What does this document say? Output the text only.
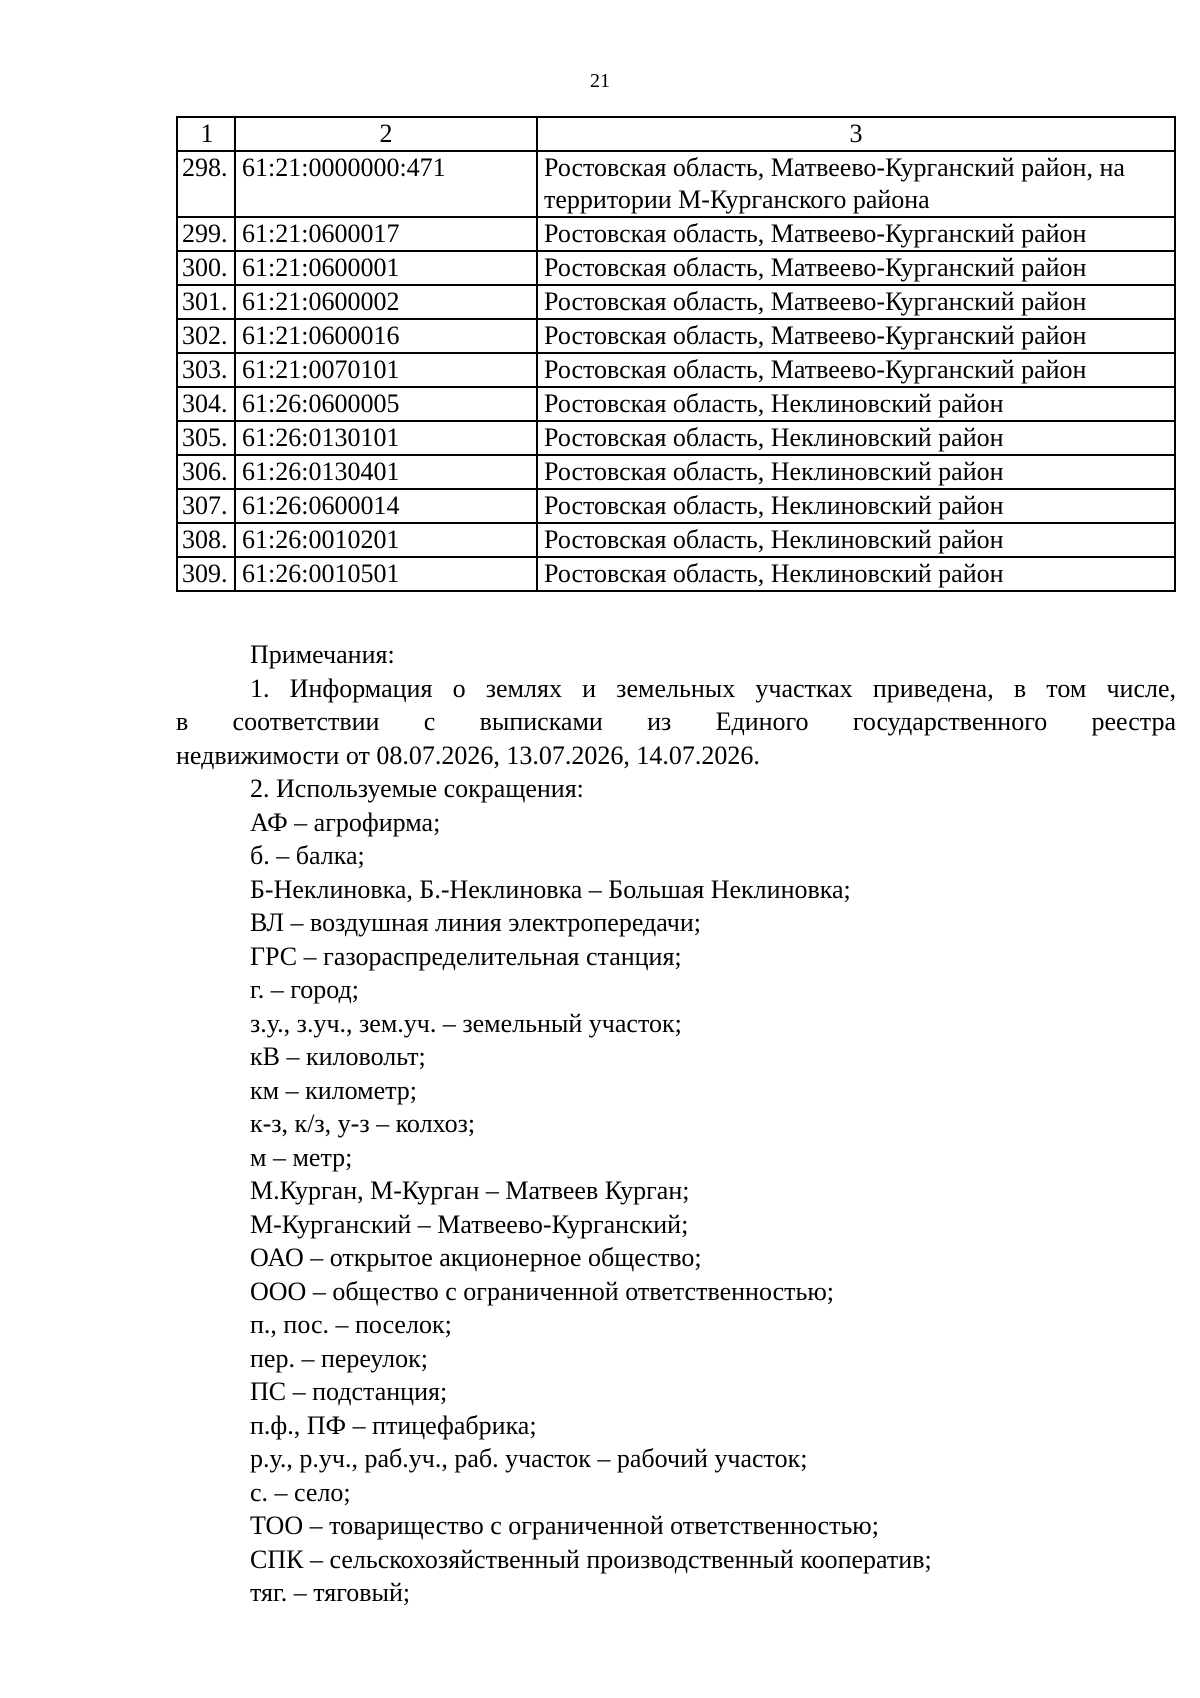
21
1	2	3
298.	61:21:0000000:471	Ростовская область, Матвеево-Курганский район, на территории М-Курганского района
299.	61:21:0600017	Ростовская область, Матвеево-Курганский район
300.	61:21:0600001	Ростовская область, Матвеево-Курганский район
301.	61:21:0600002	Ростовская область, Матвеево-Курганский район
302.	61:21:0600016	Ростовская область, Матвеево-Курганский район
303.	61:21:0070101	Ростовская область, Матвеево-Курганский район
304.	61:26:0600005	Ростовская область, Неклиновский район
305.	61:26:0130101	Ростовская область, Неклиновский район
306.	61:26:0130401	Ростовская область, Неклиновский район
307.	61:26:0600014	Ростовская область, Неклиновский район
308.	61:26:0010201	Ростовская область, Неклиновский район
309.	61:26:0010501	Ростовская область, Неклиновский район

Примечания:

1. Информация о землях и земельных участках приведена, в том числе,

в соответствии с выписками из Единого государственного реестра

недвижимости от 08.07.2026, 13.07.2026, 14.07.2026.

2. Используемые сокращения:

АФ – агрофирма;

б. – балка;

Б-Неклиновка, Б.-Неклиновка – Большая Неклиновка;

ВЛ – воздушная линия электропередачи;

ГРС – газораспределительная станция;

г. – город;

з.у., з.уч., зем.уч. – земельный участок;

кВ – киловольт;

км – километр;

к-з, к/з, у-з – колхоз;

м – метр;

М.Курган, М-Курган – Матвеев Курган;

М-Курганский – Матвеево-Курганский;

ОАО – открытое акционерное общество;

ООО – общество с ограниченной ответственностью;

п., пос. – поселок;

пер. – переулок;

ПС – подстанция;

п.ф., ПФ – птицефабрика;

р.у., р.уч., раб.уч., раб. участок – рабочий участок;

с. – село;

ТОО – товарищество с ограниченной ответственностью;

СПК – сельскохозяйственный производственный кооператив;

тяг. – тяговый;
